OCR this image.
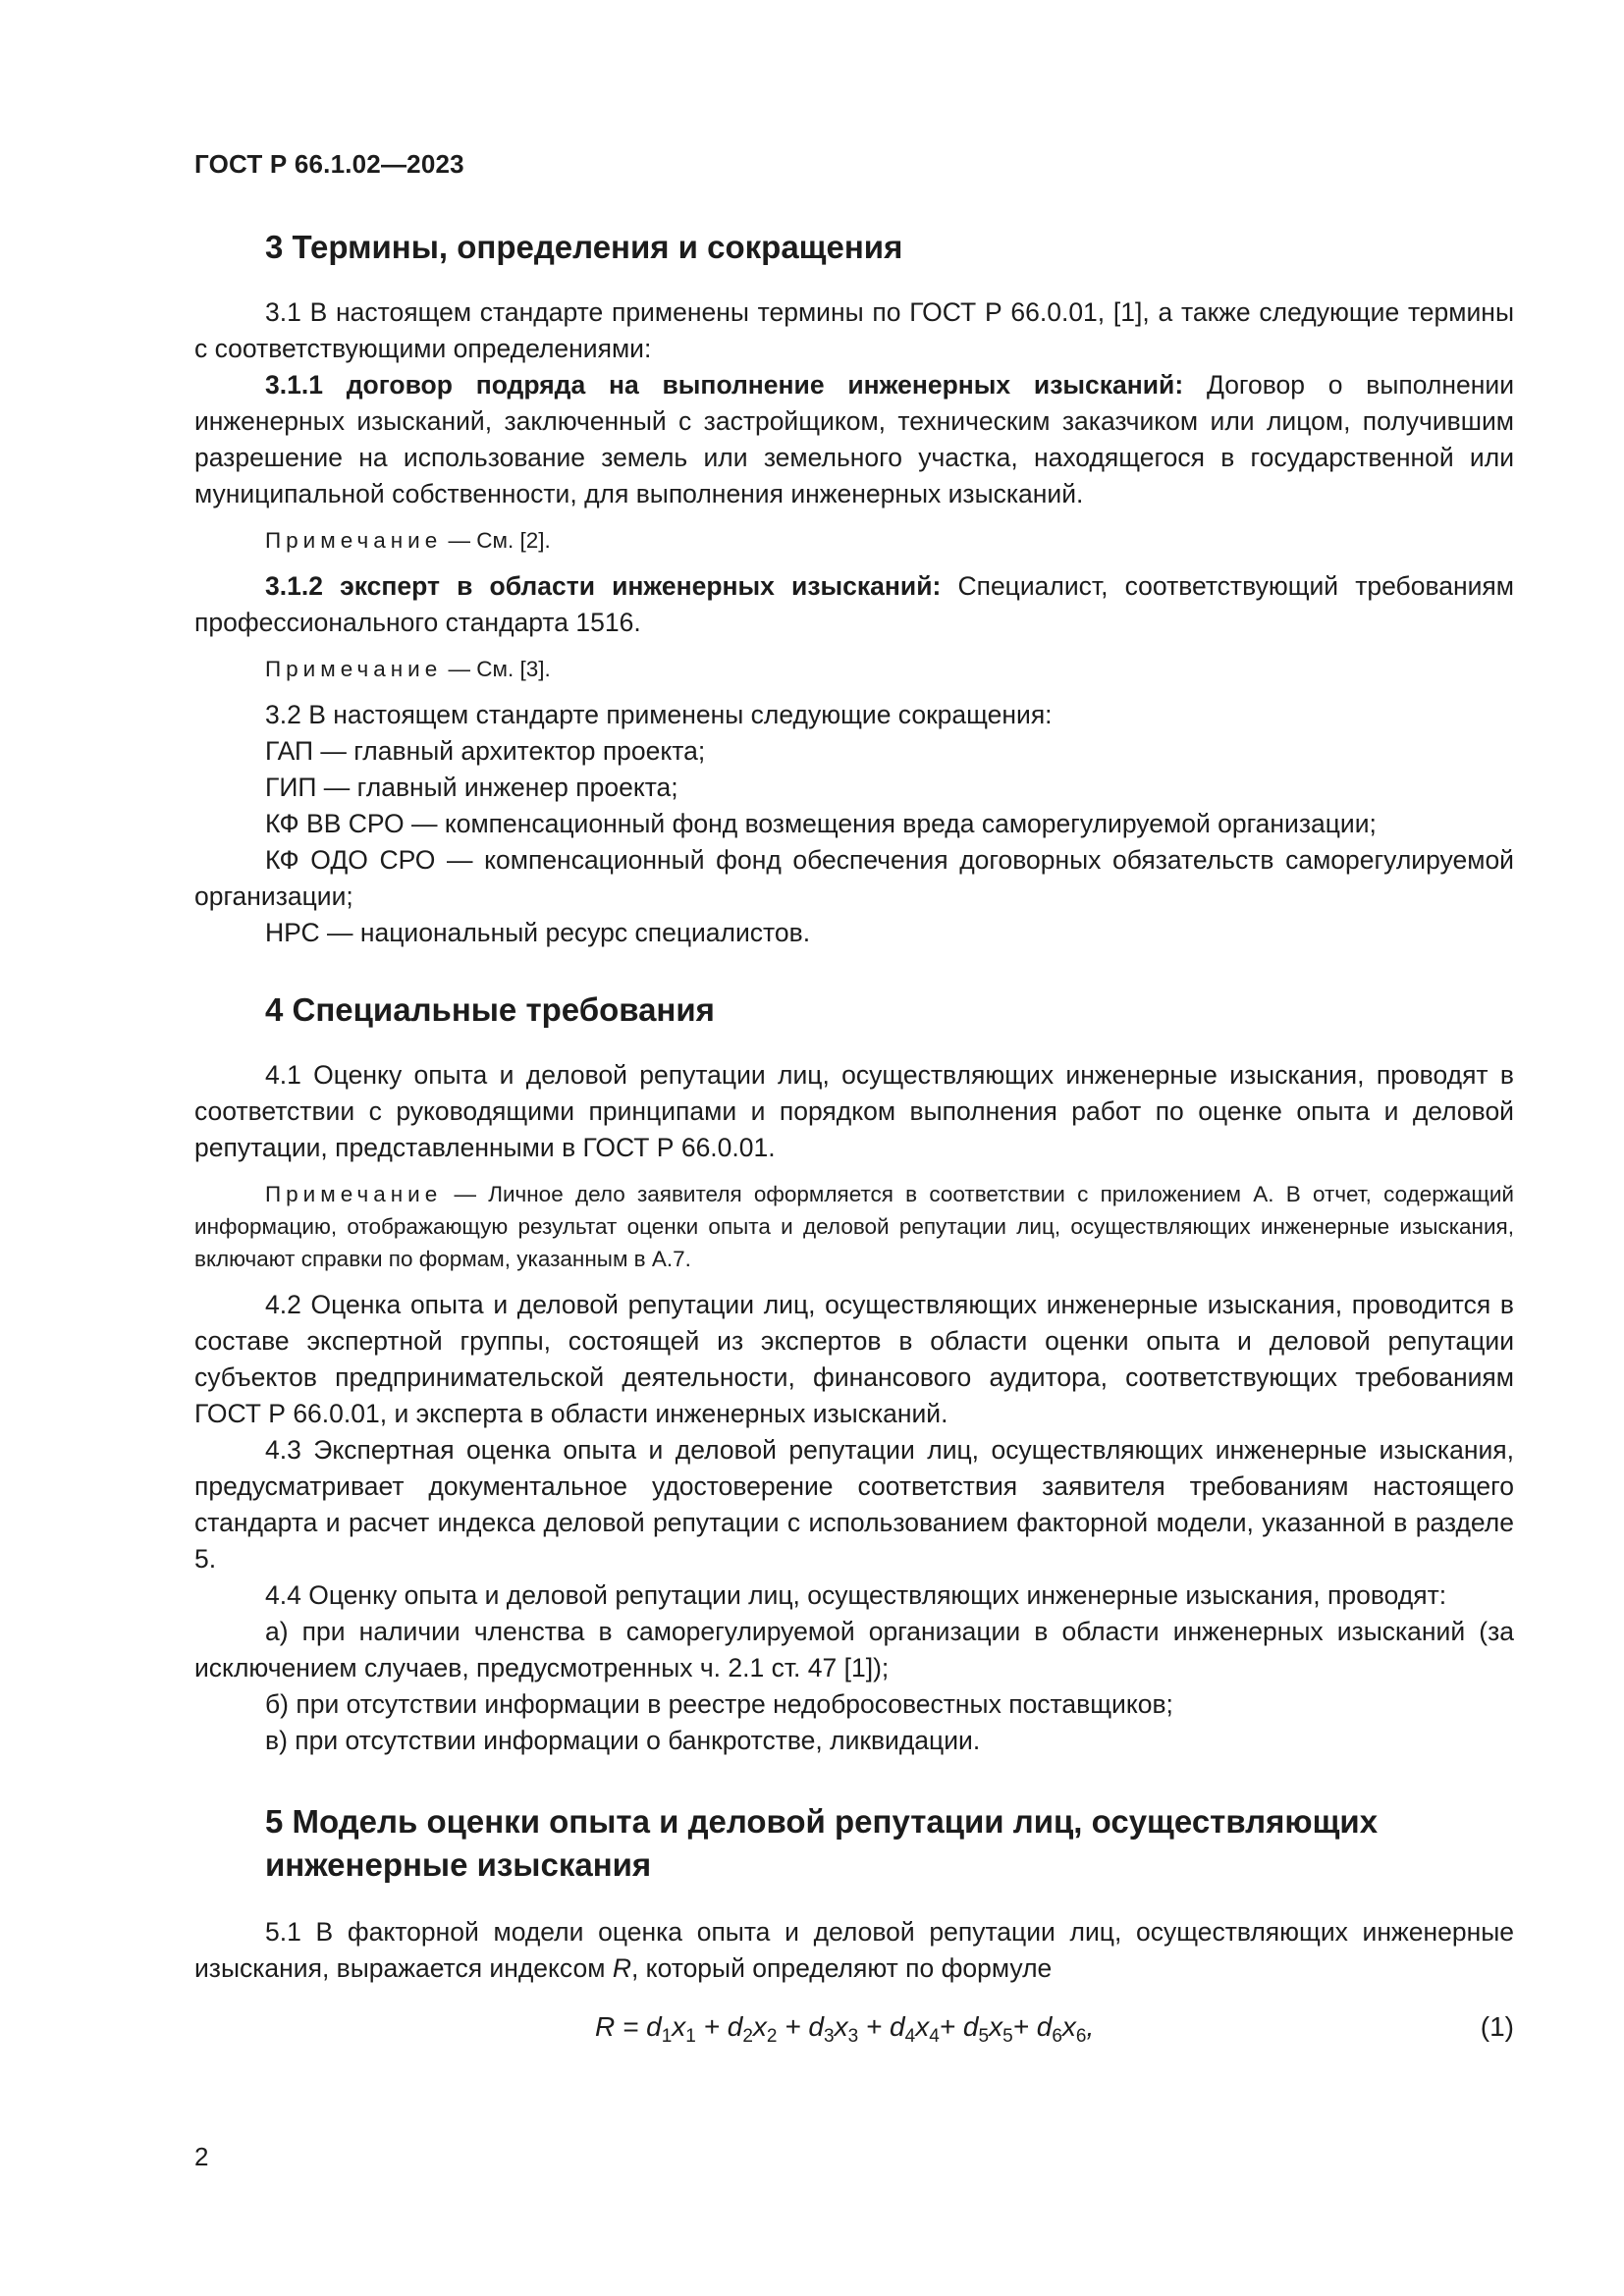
ГОСТ Р 66.1.02—2023
3 Термины, определения и сокращения

3.1 В настоящем стандарте применены термины по ГОСТ Р 66.0.01, [1], а также следующие термины с соответствующими определениями:

3.1.1 договор подряда на выполнение инженерных изысканий: Договор о выполнении инженерных изысканий, заключенный с застройщиком, техническим заказчиком или лицом, получившим разрешение на использование земель или земельного участка, находящегося в государственной или муниципальной собственности, для выполнения инженерных изысканий.

Примечание — См. [2].

3.1.2 эксперт в области инженерных изысканий: Специалист, соответствующий требованиям профессионального стандарта 1516.

Примечание — См. [3].

3.2 В настоящем стандарте применены следующие сокращения:

ГАП — главный архитектор проекта;

ГИП — главный инженер проекта;

КФ ВВ СРО — компенсационный фонд возмещения вреда саморегулируемой организации;

КФ ОДО СРО — компенсационный фонд обеспечения договорных обязательств саморегулируемой организации;

НРС — национальный ресурс специалистов.

4 Специальные требования

4.1 Оценку опыта и деловой репутации лиц, осуществляющих инженерные изыскания, проводят в соответствии с руководящими принципами и порядком выполнения работ по оценке опыта и деловой репутации, представленными в ГОСТ Р 66.0.01.

Примечание — Личное дело заявителя оформляется в соответствии с приложением А. В отчет, содержащий информацию, отображающую результат оценки опыта и деловой репутации лиц, осуществляющих инженерные изыскания, включают справки по формам, указанным в А.7.

4.2 Оценка опыта и деловой репутации лиц, осуществляющих инженерные изыскания, проводится в составе экспертной группы, состоящей из экспертов в области оценки опыта и деловой репутации субъектов предпринимательской деятельности, финансового аудитора, соответствующих требованиям ГОСТ Р 66.0.01, и эксперта в области инженерных изысканий.

4.3 Экспертная оценка опыта и деловой репутации лиц, осуществляющих инженерные изыскания, предусматривает документальное удостоверение соответствия заявителя требованиям настоящего стандарта и расчет индекса деловой репутации с использованием факторной модели, указанной в разделе 5.

4.4 Оценку опыта и деловой репутации лиц, осуществляющих инженерные изыскания, проводят:

а) при наличии членства в саморегулируемой организации в области инженерных изысканий (за исключением случаев, предусмотренных ч. 2.1 ст. 47 [1]);

б) при отсутствии информации в реестре недобросовестных поставщиков;

в) при отсутствии информации о банкротстве, ликвидации.

5 Модель оценки опыта и деловой репутации лиц, осуществляющих
инженерные изыскания

5.1 В факторной модели оценка опыта и деловой репутации лиц, осуществляющих инженерные изыскания, выражается индексом R, который определяют по формуле

$R = d_1x_1 + d_2x_2 + d_3x_3 + d_4x_4+ d_5x_5+ d_6x_6$,	(1)
2
